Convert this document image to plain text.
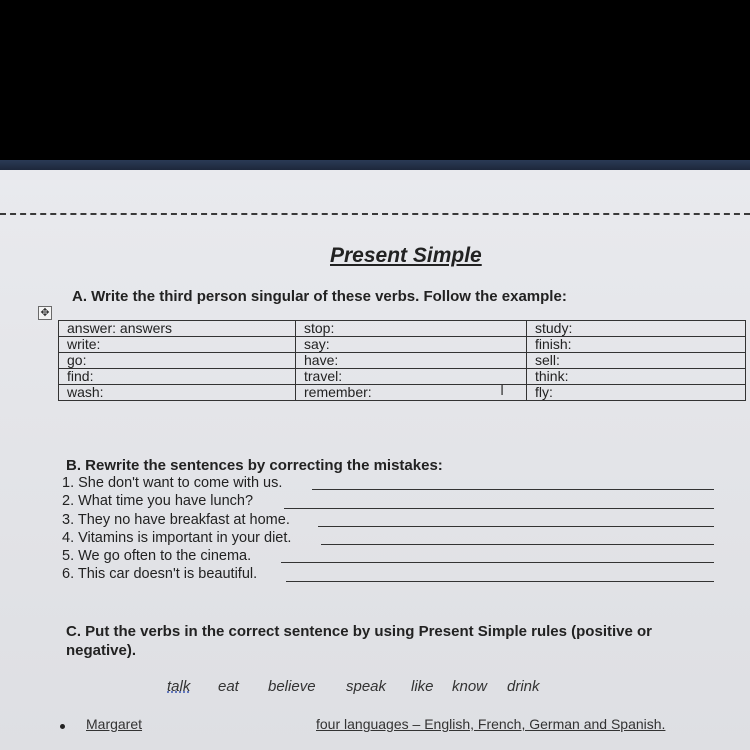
Present Simple
A. Write the third person singular of these verbs. Follow the example:
✥
answer: answers	stop:	study:
write:	say:	finish:
go:	have:	sell:
find:	travel:	think:
wash:	remember:	fly:
I
B. Rewrite the sentences by correcting the mistakes:
1. She don't want to come with us.
2. What time you have lunch?
3. They no have breakfast at home.
4. Vitamins is important in your diet.
5. We go often to the cinema.
6. This car doesn't is beautiful.
C. Put the verbs in the correct sentence by using Present Simple rules (positive or negative).
talk eat believe speak like know drink
Margaret	four languages – English, French, German and Spanish.
